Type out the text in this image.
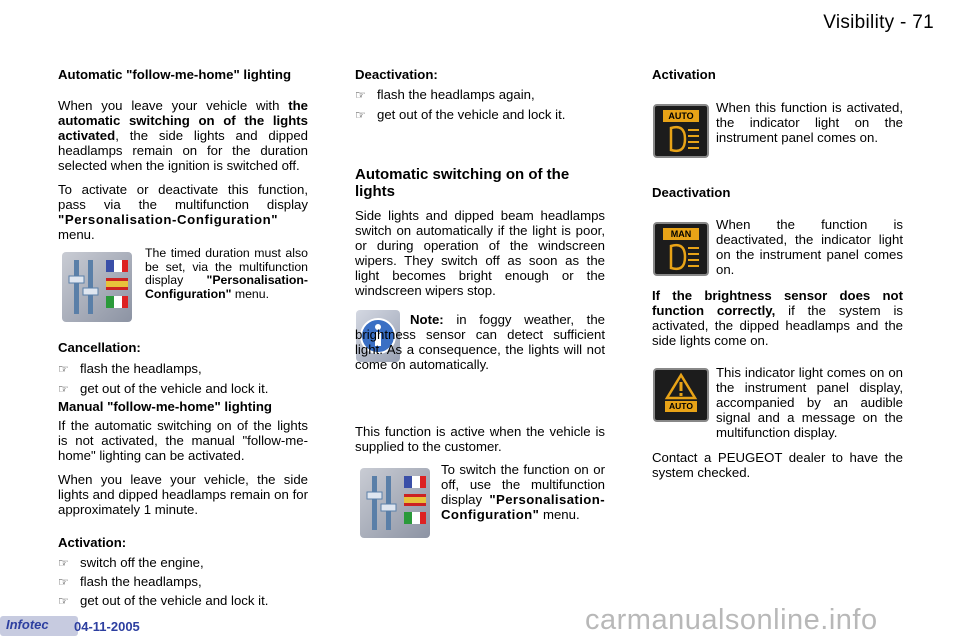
Visibility - 71

Automatic "follow-me-home" lighting

When you leave your vehicle with the automatic switching on of the lights activated, the side lights and dipped headlamps remain on for the duration selected when the ignition is switched off.

To activate or deactivate this function, pass via the multifunction display "Personalisation-Configuration" menu.

The timed duration must also be set, via the multifunction display "Personalisation-Configuration" menu.

Cancellation:

☞ flash the headlamps,
☞ get out of the vehicle and lock it.

Manual "follow-me-home" lighting

If the automatic switching on of the lights is not activated, the manual "follow-me-home" lighting can be activated.

When you leave your vehicle, the side lights and dipped headlamps remain on for approximately 1 minute.

Activation:

☞ switch off the engine,
☞ flash the headlamps,
☞ get out of the vehicle and lock it.

Deactivation:

☞ flash the headlamps again,
☞ get out of the vehicle and lock it.

Automatic switching on of the lights

Side lights and dipped beam headlamps switch on automatically if the light is poor, or during operation of the windscreen wipers. They switch off as soon as the light becomes bright enough or the windscreen wipers stop.

Note: in foggy weather, the brightness sensor can detect sufficient light. As a consequence, the lights will not come on automatically.

This function is active when the vehicle is supplied to the customer.

To switch the function on or off, use the multifunction display "Personalisation-Configuration" menu.

Activation

AUTO

When this function is activated, the indicator light on the instrument panel comes on.

Deactivation

MAN

When the function is deactivated, the indicator light on the instrument panel comes on.

If the brightness sensor does not function correctly, if the system is activated, the dipped headlamps and the side lights come on.

AUTO

This indicator light comes on on the instrument panel display, accompanied by an audible signal and a message on the multifunction display.

Contact a PEUGEOT dealer to have the system checked.

Infotec 04-11-2005	carmanualsonline.info
